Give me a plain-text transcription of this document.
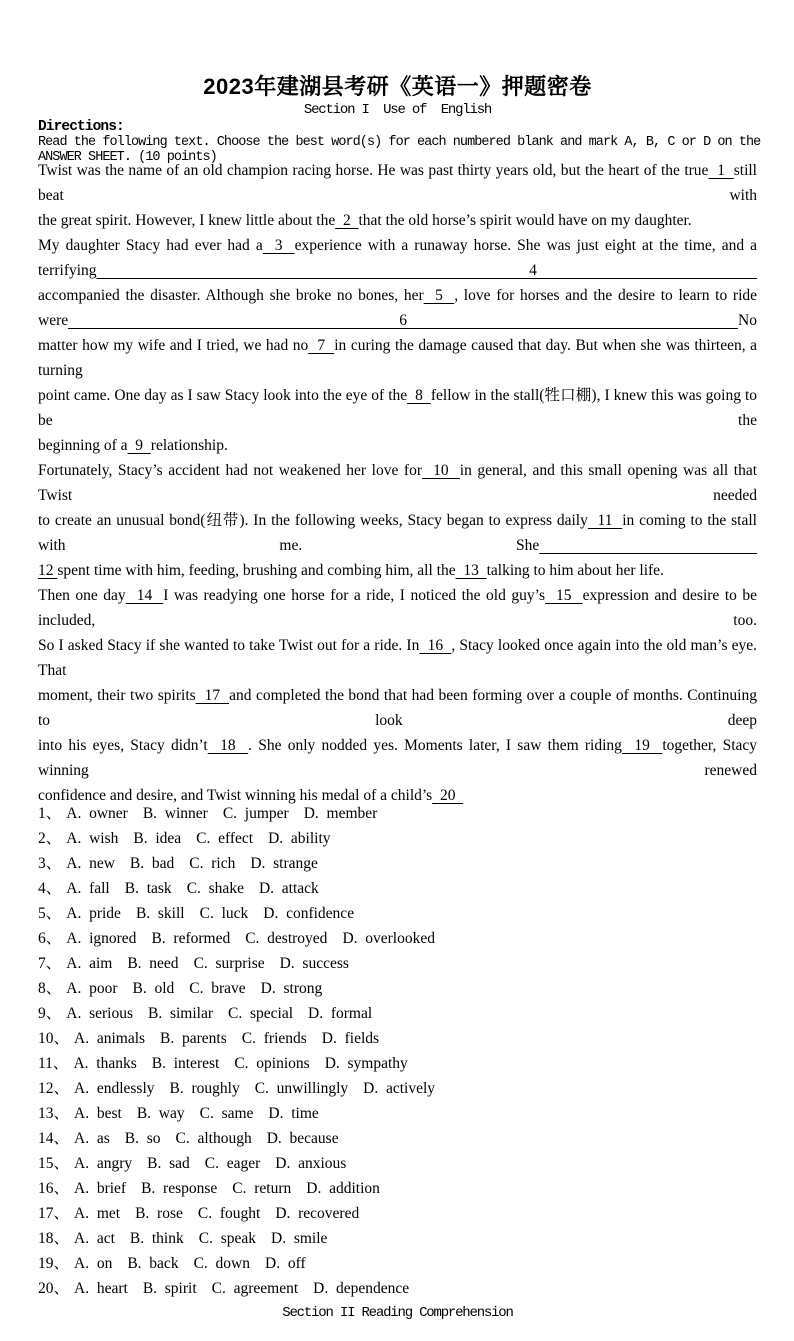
2023年建湖县考研《英语一》押题密卷
Section I  Use of  English
Directions:
Read the following text. Choose the best word(s) for each numbered blank and mark A, B, C or D on the
ANSWER SHEET. (10 points)
Twist was the name of an old champion racing horse. He was past thirty years old, but the heart of the true  1  still beat with
the great spirit. However, I knew little about the  2  that the old horse’s spirit would have on my daughter.
My daughter Stacy had ever had a  3  experience with a runaway horse. She was just eight at the time, and a terrifying  4
accompanied the disaster. Although she broke no bones, her  5  , love for horses and the desire to learn to ride were  6  No
matter how my wife and I tried, we had no  7  in curing the damage caused that day. But when she was thirteen, a turning
point came. One day as I saw Stacy look into the eye of the  8  fellow in the stall(牲口棚), I knew this was going to be the
beginning of a  9  relationship.
Fortunately, Stacy’s accident had not weakened her love for  10  in general, and this small opening was all that Twist needed
to create an unusual bond(纽带). In the following weeks, Stacy began to express daily  11  in coming to the stall with me. She
12 spent time with him, feeding, brushing and combing him, all the  13  talking to him about her life.
Then one day  14  I was readying one horse for a ride, I noticed the old guy’s  15  expression and desire to be included, too.
So I asked Stacy if she wanted to take Twist out for a ride. In  16  , Stacy looked once again into the old man’s eye. That
moment, their two spirits  17  and completed the bond that had been forming over a couple of months. Continuing to look deep
into his eyes, Stacy didn’t  18  . She only nodded yes. Moments later, I saw them riding  19  together, Stacy winning renewed
confidence and desire, and Twist winning his medal of a child’s  20
1、 A.  owner B.  winner C.  jumper D.  member
2、 A.  wish B.  idea C.  effect D.  ability
3、 A.  new B.  bad C.  rich D.  strange
4、 A.  fall B.  task C.  shake D.  attack
5、 A.  pride B.  skill C.  luck D.  confidence
6、 A.  ignored B.  reformed C.  destroyed D.  overlooked
7、 A.  aim B.  need C.  surprise D.  success
8、 A.  poor B.  old C.  brave D.  strong
9、 A.  serious B.  similar C.  special D.  formal
10、 A.  animals B.  parents C.  friends D.  fields
11、 A.  thanks B.  interest C.  opinions D.  sympathy
12、 A.  endlessly B.  roughly C.  unwillingly D.  actively
13、 A.  best B.  way C.  same D.  time
14、 A.  as B.  so C.  although D.  because
15、 A.  angry B.  sad C.  eager D.  anxious
16、 A.  brief B.  response C.  return D.  addition
17、 A.  met B.  rose C.  fought D.  recovered
18、 A.  act B.  think C.  speak D.  smile
19、 A.  on B.  back C.  down D.  off
20、 A.  heart B.  spirit C.  agreement D.  dependence
Section II Reading Comprehension
